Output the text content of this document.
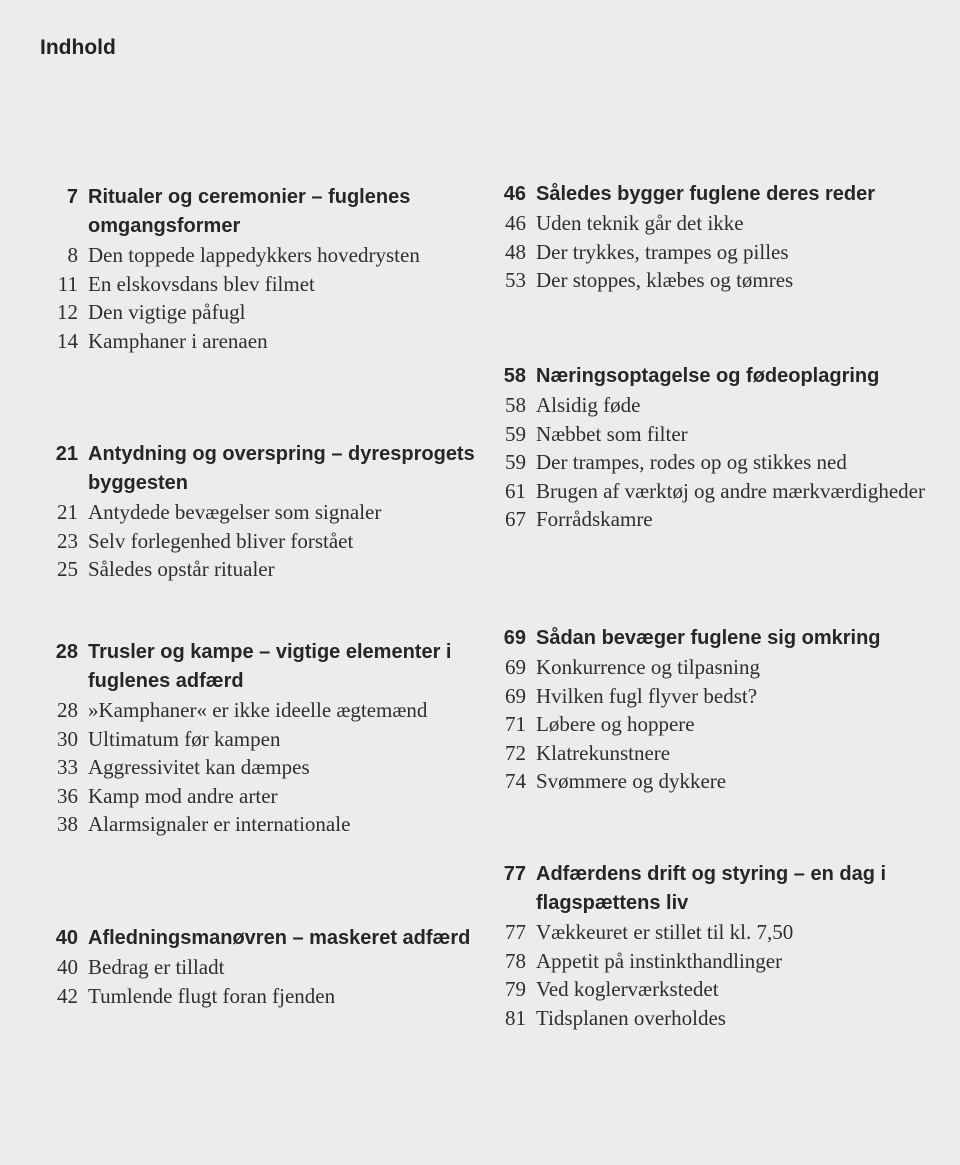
Indhold
7 Ritualer og ceremonier – fuglenes omgangsformer
8 Den toppede lappedykkers hovedrysten
11 En elskovsdans blev filmet
12 Den vigtige påfugl
14 Kamphaner i arenaen
21 Antydning og overspring – dyresprogets byggesten
21 Antydede bevægelser som signaler
23 Selv forlegenhed bliver forstået
25 Således opstår ritualer
28 Trusler og kampe – vigtige elementer i fuglenes adfærd
28 »Kamphaner« er ikke ideelle ægtemænd
30 Ultimatum før kampen
33 Aggressivitet kan dæmpes
36 Kamp mod andre arter
38 Alarmsignaler er internationale
40 Afledningsmanøvren – maskeret adfærd
40 Bedrag er tilladt
42 Tumlende flugt foran fjenden
46 Således bygger fuglene deres reder
46 Uden teknik går det ikke
48 Der trykkes, trampes og pilles
53 Der stoppes, klæbes og tømres
58 Næringsoptagelse og fødeoplagring
58 Alsidig føde
59 Næbbet som filter
59 Der trampes, rodes op og stikkes ned
61 Brugen af værktøj og andre mærkværdigheder
67 Forrådskamre
69 Sådan bevæger fuglene sig omkring
69 Konkurrence og tilpasning
69 Hvilken fugl flyver bedst?
71 Løbere og hoppere
72 Klatrekunstnere
74 Svømmere og dykkere
77 Adfærdens drift og styring – en dag i flagspættens liv
77 Vækkeuret er stillet til kl. 7,50
78 Appetit på instinkthandlinger
79 Ved koglerværkstedet
81 Tidsplanen overholdes
